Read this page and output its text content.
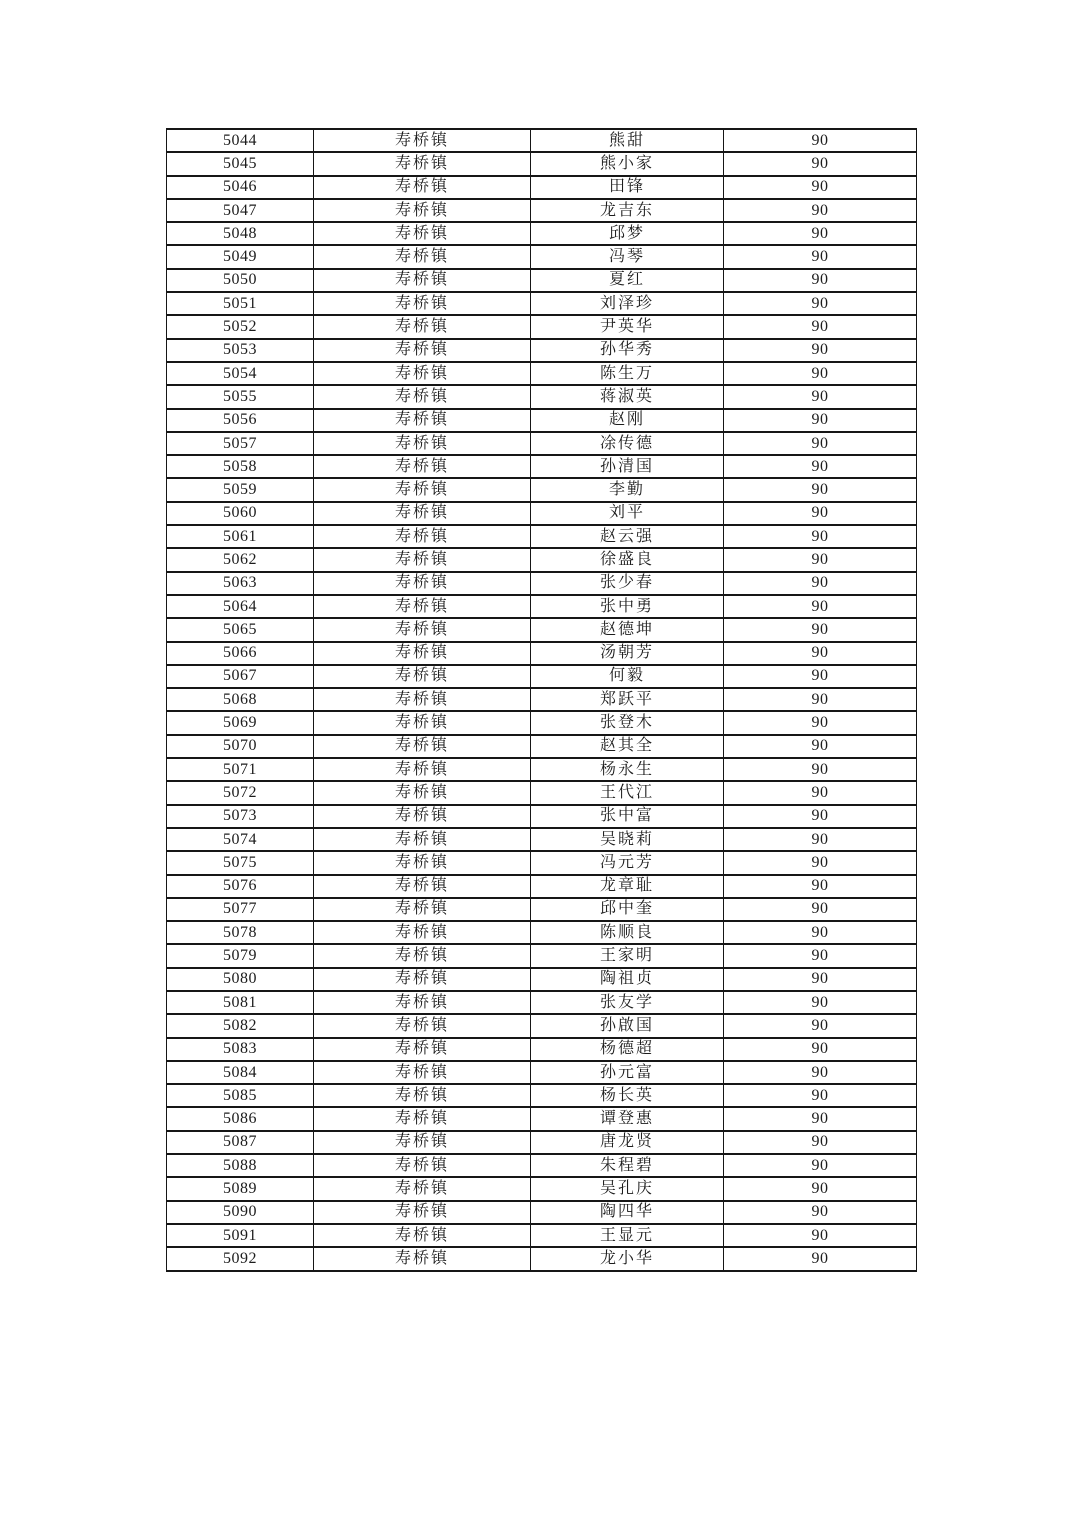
5044	寿桥镇	熊甜	90
5045	寿桥镇	熊小家	90
5046	寿桥镇	田锋	90
5047	寿桥镇	龙吉东	90
5048	寿桥镇	邱梦	90
5049	寿桥镇	冯琴	90
5050	寿桥镇	夏红	90
5051	寿桥镇	刘泽珍	90
5052	寿桥镇	尹英华	90
5053	寿桥镇	孙华秀	90
5054	寿桥镇	陈生万	90
5055	寿桥镇	蒋淑英	90
5056	寿桥镇	赵刚	90
5057	寿桥镇	凃传德	90
5058	寿桥镇	孙清国	90
5059	寿桥镇	李勤	90
5060	寿桥镇	刘平	90
5061	寿桥镇	赵云强	90
5062	寿桥镇	徐盛良	90
5063	寿桥镇	张少春	90
5064	寿桥镇	张中勇	90
5065	寿桥镇	赵德坤	90
5066	寿桥镇	汤朝芳	90
5067	寿桥镇	何毅	90
5068	寿桥镇	郑跃平	90
5069	寿桥镇	张登木	90
5070	寿桥镇	赵其全	90
5071	寿桥镇	杨永生	90
5072	寿桥镇	王代江	90
5073	寿桥镇	张中富	90
5074	寿桥镇	吴晓莉	90
5075	寿桥镇	冯元芳	90
5076	寿桥镇	龙章耻	90
5077	寿桥镇	邱中奎	90
5078	寿桥镇	陈顺良	90
5079	寿桥镇	王家明	90
5080	寿桥镇	陶祖贞	90
5081	寿桥镇	张友学	90
5082	寿桥镇	孙啟国	90
5083	寿桥镇	杨德超	90
5084	寿桥镇	孙元富	90
5085	寿桥镇	杨长英	90
5086	寿桥镇	谭登惠	90
5087	寿桥镇	唐龙贤	90
5088	寿桥镇	朱程碧	90
5089	寿桥镇	吴孔庆	90
5090	寿桥镇	陶四华	90
5091	寿桥镇	王显元	90
5092	寿桥镇	龙小华	90
